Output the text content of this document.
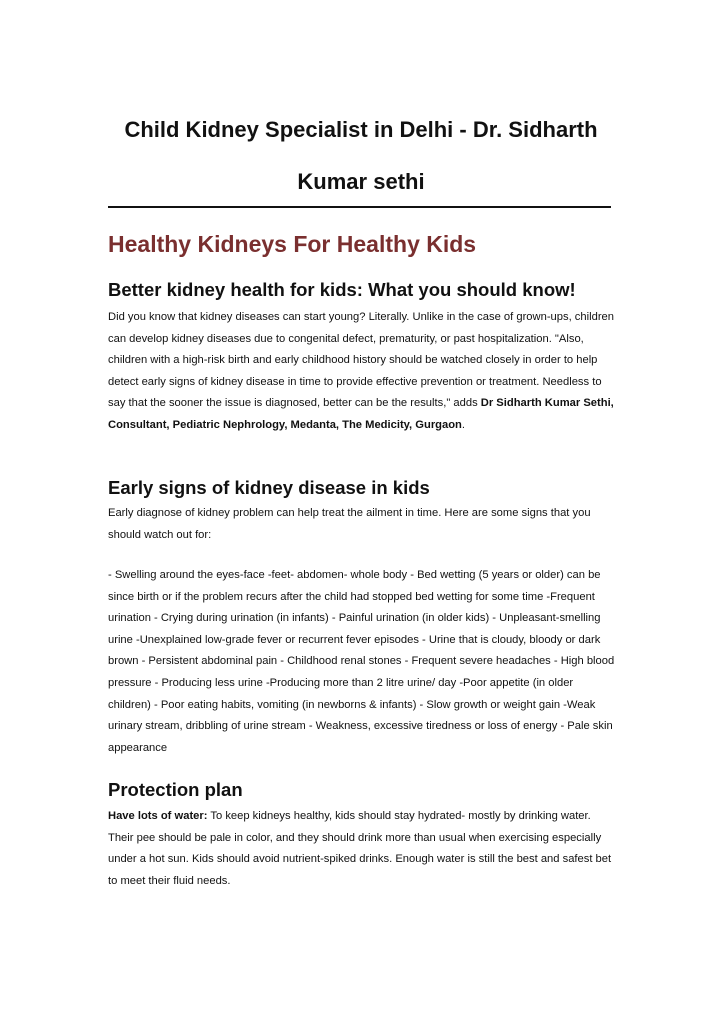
Child Kidney Specialist in Delhi - Dr. Sidharth Kumar sethi
Healthy Kidneys For Healthy Kids
Better kidney health for kids: What you should know!

Did you know that kidney diseases can start young? Literally. Unlike in the case of grown-ups, children can develop kidney diseases due to congenital defect, prematurity, or past hospitalization. "Also, children with a high-risk birth and early childhood history should be watched closely in order to help detect early signs of kidney disease in time to provide effective prevention or treatment. Needless to say that the sooner the issue is diagnosed, better can be the results," adds Dr Sidharth Kumar Sethi, Consultant, Pediatric Nephrology, Medanta, The Medicity, Gurgaon.

Early signs of kidney disease in kids

Early diagnose of kidney problem can help treat the ailment in time. Here are some signs that you should watch out for:

- Swelling around the eyes-face -feet- abdomen- whole body - Bed wetting (5 years or older) can be since birth or if the problem recurs after the child had stopped bed wetting for some time -Frequent urination - Crying during urination (in infants) - Painful urination (in older kids) - Unpleasant-smelling urine -Unexplained low-grade fever or recurrent fever episodes - Urine that is cloudy, bloody or dark brown - Persistent abdominal pain - Childhood renal stones - Frequent severe headaches - High blood pressure - Producing less urine -Producing more than 2 litre urine/ day -Poor appetite (in older children) - Poor eating habits, vomiting (in newborns & infants) - Slow growth or weight gain -Weak urinary stream, dribbling of urine stream - Weakness, excessive tiredness or loss of energy - Pale skin appearance

Protection plan

Have lots of water: To keep kidneys healthy, kids should stay hydrated- mostly by drinking water. Their pee should be pale in color, and they should drink more than usual when exercising especially under a hot sun. Kids should avoid nutrient-spiked drinks. Enough water is still the best and safest bet to meet their fluid needs.
